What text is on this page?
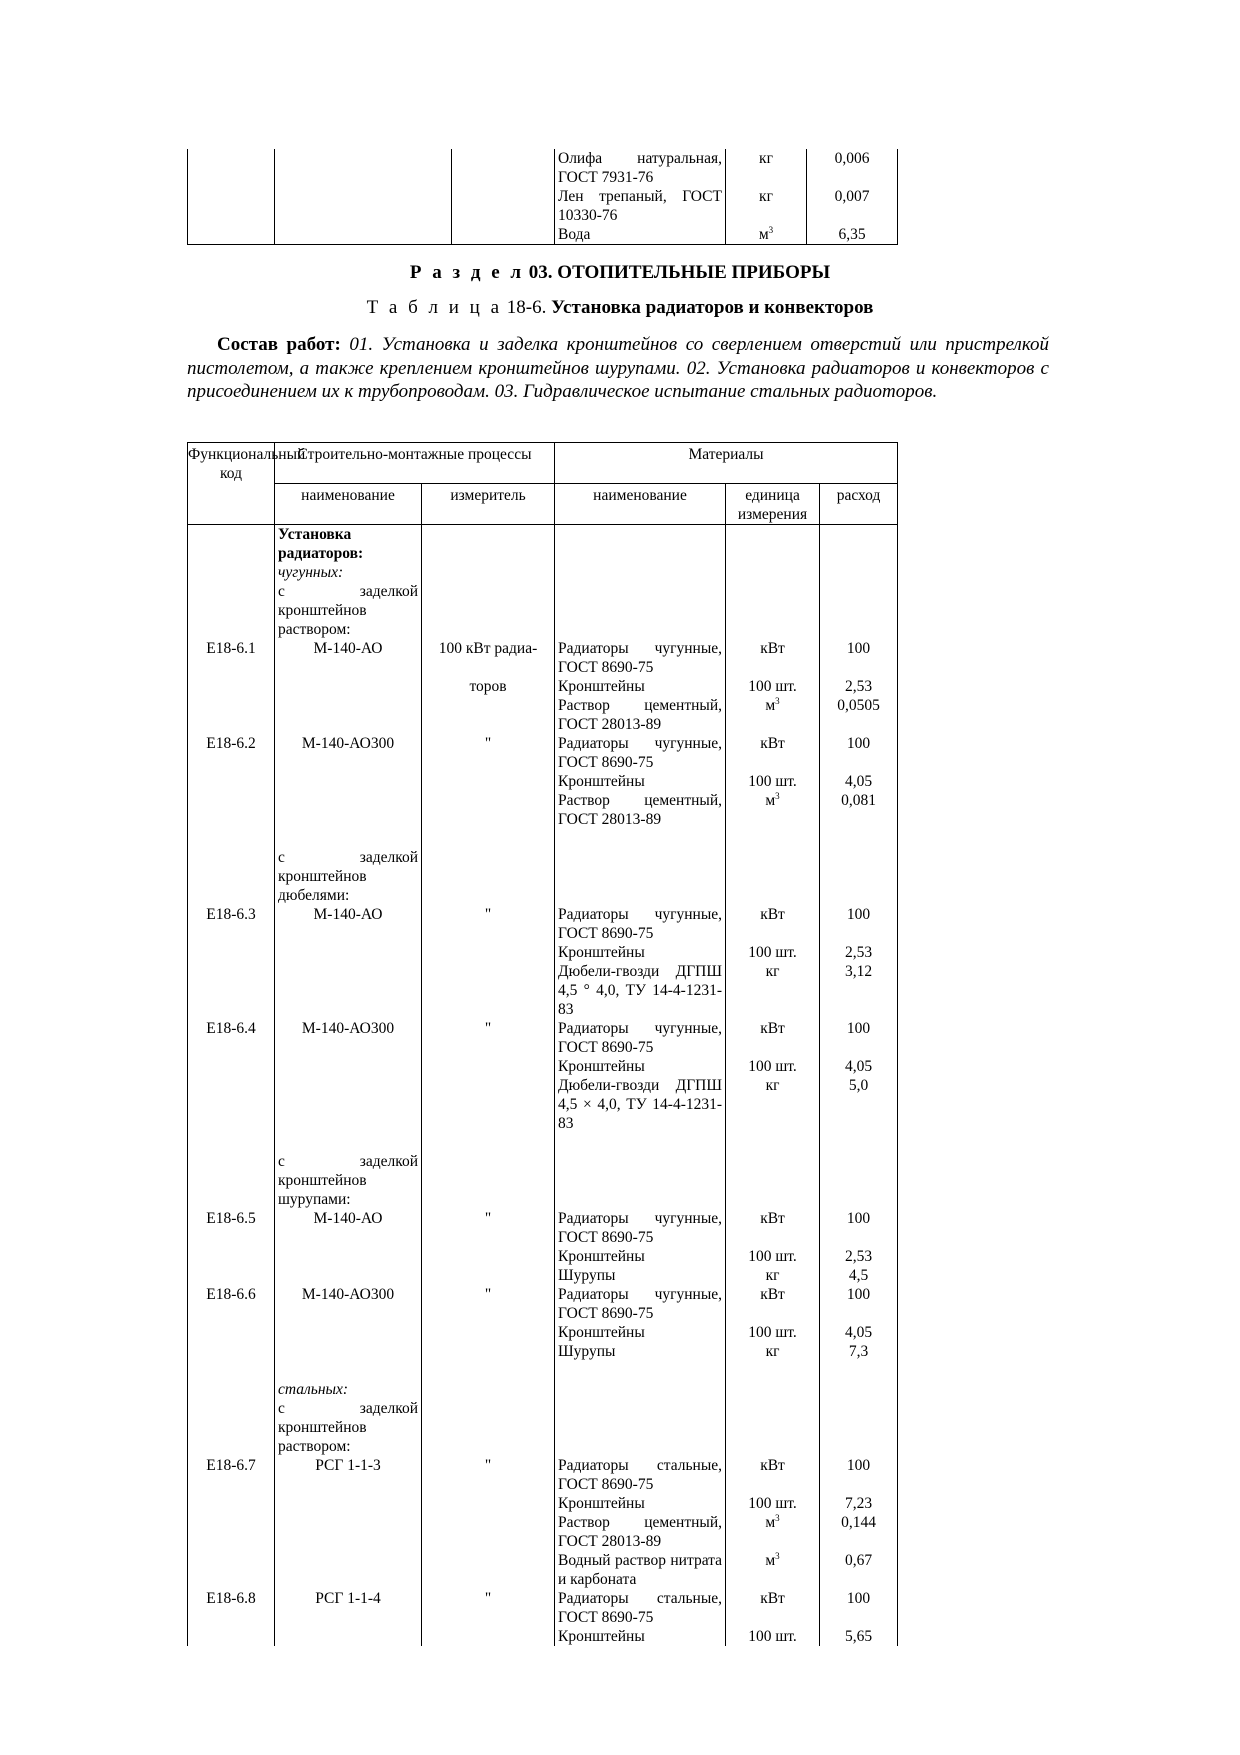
			Олифа натуральная, ГОСТ 7931-76	кг	0,006
			Лен трепаный, ГОСТ 10330-76	кг	0,007
			Вода	$м^3$	6,35
Р а з д е л 03. ОТОПИТЕЛЬНЫЕ ПРИБОРЫ
Т а б л и ц а 18-6. Установка радиаторов и конвекторов
Состав работ: 01. Установка и заделка кронштейнов со сверлением отверстий или пристрелкой пистолетом, а также креплением кронштейнов шурупами. 02. Установка радиаторов и конвекторов с присоединением их к трубопроводам. 03. Гидравлическое испытание стальных радиоторов.
Функциональный код	Строительно-монтажные процессы		Материалы		
	наименование	измеритель	наименование	единица измерения	расход
	Установка радиаторов:				
	чугунных:				
	с заделкой кронштейнов раствором:				
Е18-6.1	М-140-АО	100 кВт радиа-	Радиаторы чугунные, ГОСТ 8690-75	кВт	100
		торов	Кронштейны	100 шт.	2,53
			Раствор цементный, ГОСТ 28013-89	$м^3$	0,0505
Е18-6.2	М-140-АО300	"	Радиаторы чугунные, ГОСТ 8690-75	кВт	100
			Кронштейны	100 шт.	4,05
			Раствор цементный, ГОСТ 28013-89	$м^3$	0,081

	с заделкой кронштейнов дюбелями:				
Е18-6.3	М-140-АО	"	Радиаторы чугунные, ГОСТ 8690-75	кВт	100
			Кронштейны	100 шт.	2,53
			Дюбели-гвозди ДГПШ 4,5 ° 4,0, ТУ 14-4-1231-83	кг	3,12
Е18-6.4	М-140-АО300	"	Радиаторы чугунные, ГОСТ 8690-75	кВт	100
			Кронштейны	100 шт.	4,05
			Дюбели-гвозди ДГПШ 4,5 × 4,0, ТУ 14-4-1231-83	кг	5,0

	с заделкой кронштейнов шурупами:				
Е18-6.5	М-140-АО	"	Радиаторы чугунные, ГОСТ 8690-75	кВт	100
			Кронштейны	100 шт.	2,53
			Шурупы	кг	4,5
Е18-6.6	М-140-АО300	"	Радиаторы чугунные, ГОСТ 8690-75	кВт	100
			Кронштейны	100 шт.	4,05
			Шурупы	кг	7,3

	стальных:				
	с заделкой кронштейнов раствором:				
Е18-6.7	РСГ 1-1-3	"	Радиаторы стальные, ГОСТ 8690-75	кВт	100
			Кронштейны	100 шт.	7,23
			Раствор цементный, ГОСТ 28013-89	$м^3$	0,144
			Водный раствор нитрата и карбоната	$м^3$	0,67
Е18-6.8	РСГ 1-1-4	"	Радиаторы стальные, ГОСТ 8690-75	кВт	100
			Кронштейны	100 шт.	5,65
